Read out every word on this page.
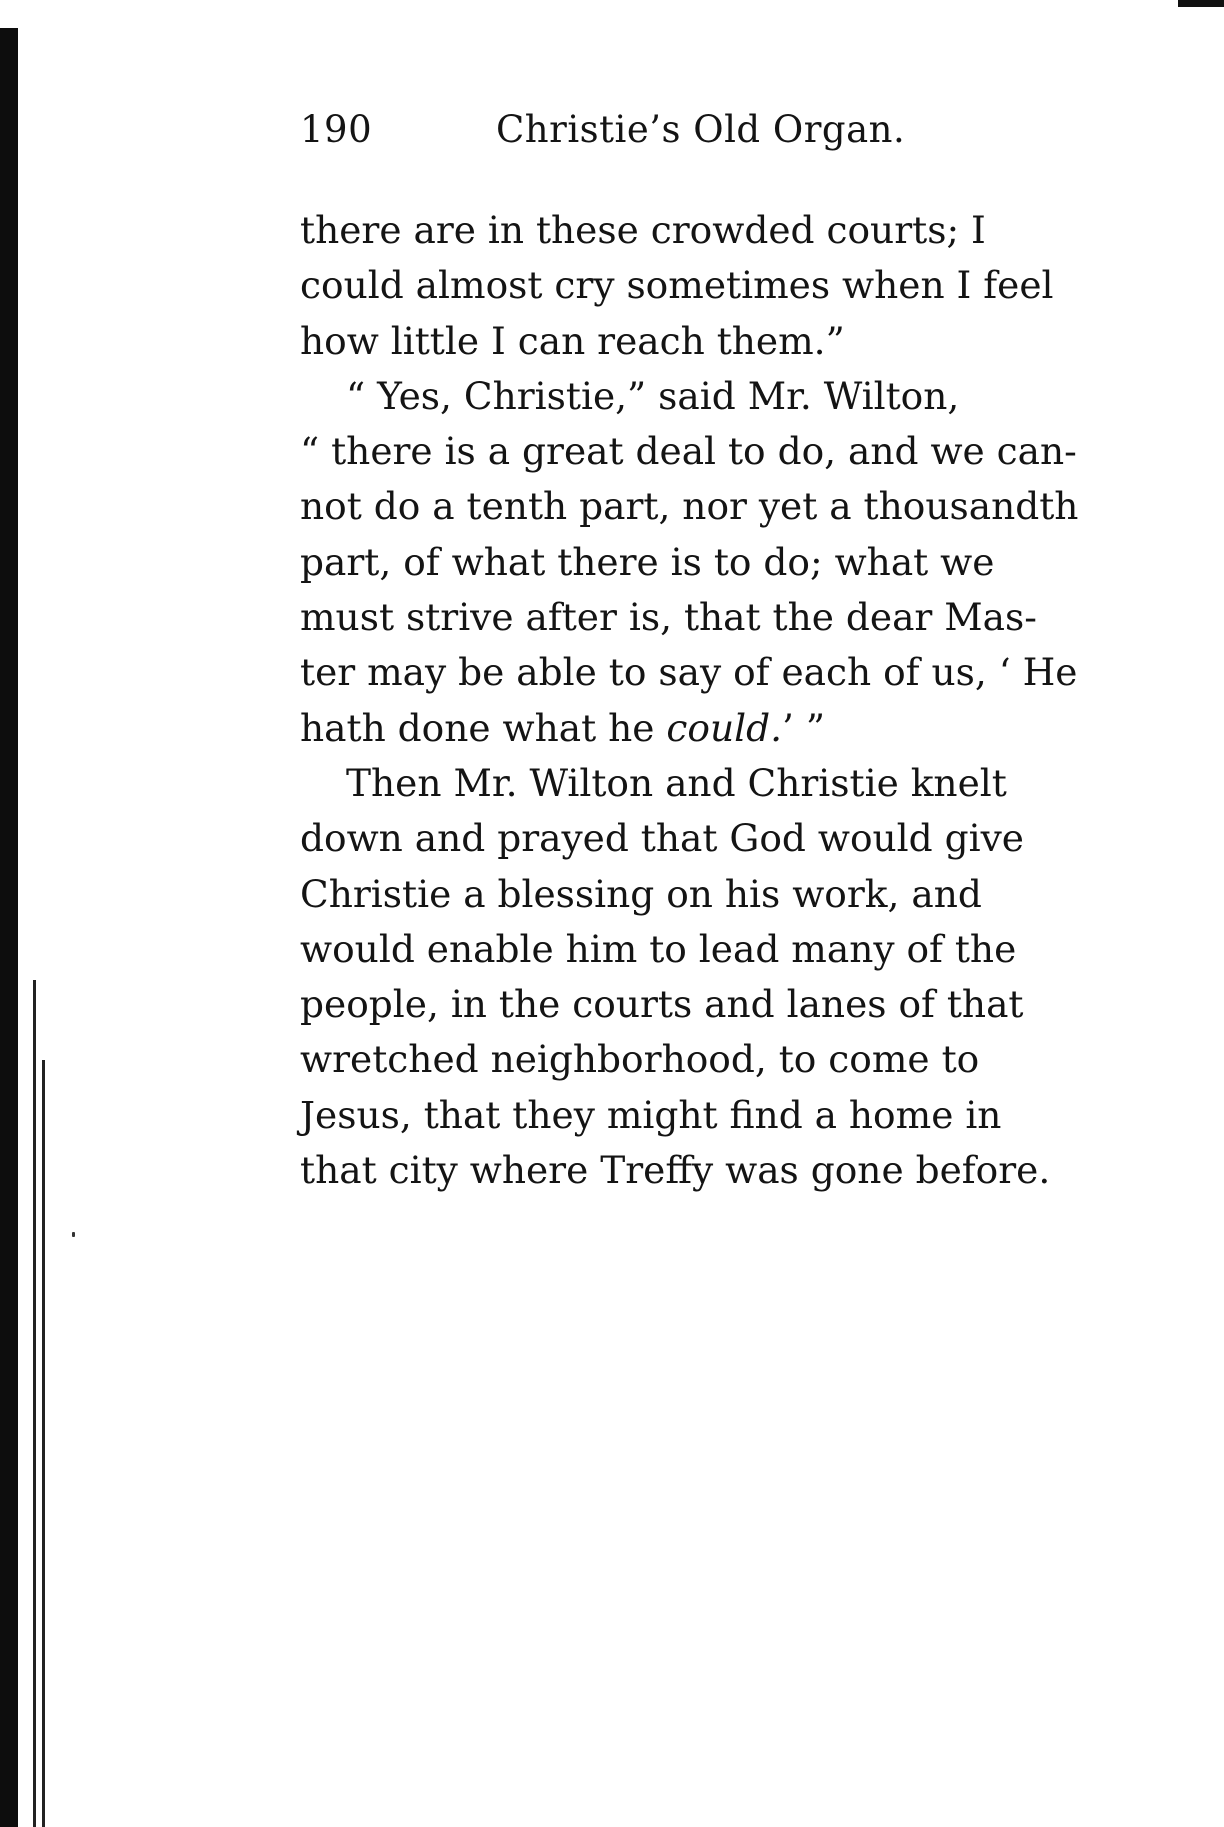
190	Christie’s Old Organ.
there are in these crowded courts; I
could almost cry sometimes when I feel
how little I can reach them.”
“ Yes, Christie,” said Mr. Wilton,
“ there is a great deal to do, and we can-
not do a tenth part, nor yet a thousandth
part, of what there is to do; what we
must strive after is, that the dear Mas-
ter may be able to say of each of us, ‘ He
hath done what he could.’ ”
Then Mr. Wilton and Christie knelt
down and prayed that God would give
Christie a blessing on his work, and
would enable him to lead many of the
people, in the courts and lanes of that
wretched neighborhood, to come to
Jesus, that they might find a home in
that city where Treffy was gone before.
